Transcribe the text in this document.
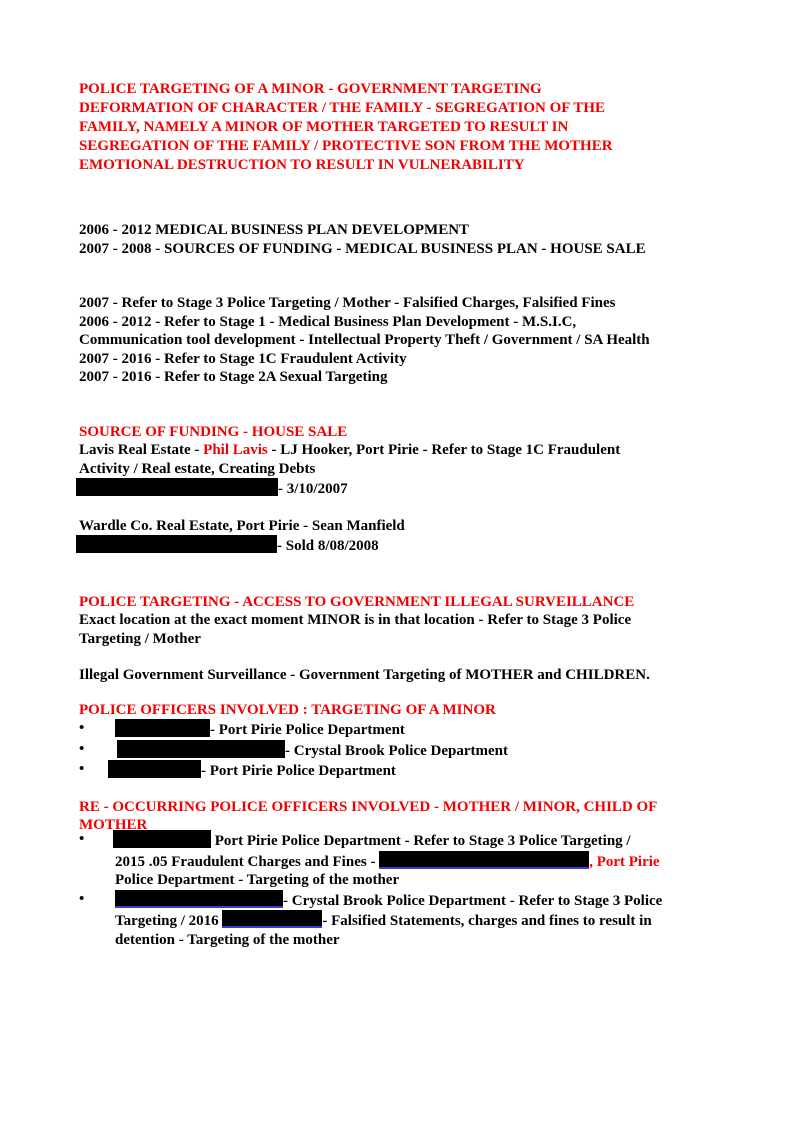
POLICE TARGETING OF A MINOR - GOVERNMENT TARGETING

DEFORMATION OF CHARACTER / THE FAMILY - SEGREGATION OF THE

FAMILY, NAMELY A MINOR OF MOTHER TARGETED TO RESULT IN

SEGREGATION OF THE FAMILY / PROTECTIVE SON FROM THE MOTHER

EMOTIONAL DESTRUCTION TO RESULT IN VULNERABILITY

2006 - 2012 MEDICAL BUSINESS PLAN DEVELOPMENT

2007 - 2008 - SOURCES OF FUNDING - MEDICAL BUSINESS PLAN - HOUSE SALE

2007 - Refer to Stage 3 Police Targeting / Mother - Falsified Charges, Falsified Fines

2006 - 2012 - Refer to Stage 1 - Medical Business Plan Development - M.S.I.C,

Communication tool development - Intellectual Property Theft / Government / SA Health

2007 - 2016 - Refer to Stage 1C Fraudulent Activity

2007 - 2016 - Refer to Stage 2A Sexual Targeting

SOURCE OF FUNDING - HOUSE SALE

Lavis Real Estate - Phil Lavis - LJ Hooker, Port Pirie - Refer to Stage 1C Fraudulent

Activity / Real estate, Creating Debts

- 3/10/2007

Wardle Co. Real Estate, Port Pirie - Sean Manfield

- Sold 8/08/2008

POLICE TARGETING - ACCESS TO GOVERNMENT ILLEGAL SURVEILLANCE

Exact location at the exact moment MINOR is in that location - Refer to Stage 3 Police

Targeting / Mother

Illegal Government Surveillance - Government Targeting of MOTHER and CHILDREN.

POLICE OFFICERS INVOLVED : TARGETING OF A MINOR

•	- Port Pirie Police Department
•	- Crystal Brook Police Department
•	- Port Pirie Police Department

RE - OCCURRING POLICE OFFICERS INVOLVED - MOTHER / MINOR, CHILD OF

MOTHER

•	Port Pirie Police Department - Refer to Stage 3 Police Targeting /
2015 .05 Fraudulent Charges and Fines -	, Port Pirie
Police Department - Targeting of the mother
•	- Crystal Brook Police Department - Refer to Stage 3 Police
Targeting / 2016	- Falsified Statements, charges and fines to result in
detention - Targeting of the mother
